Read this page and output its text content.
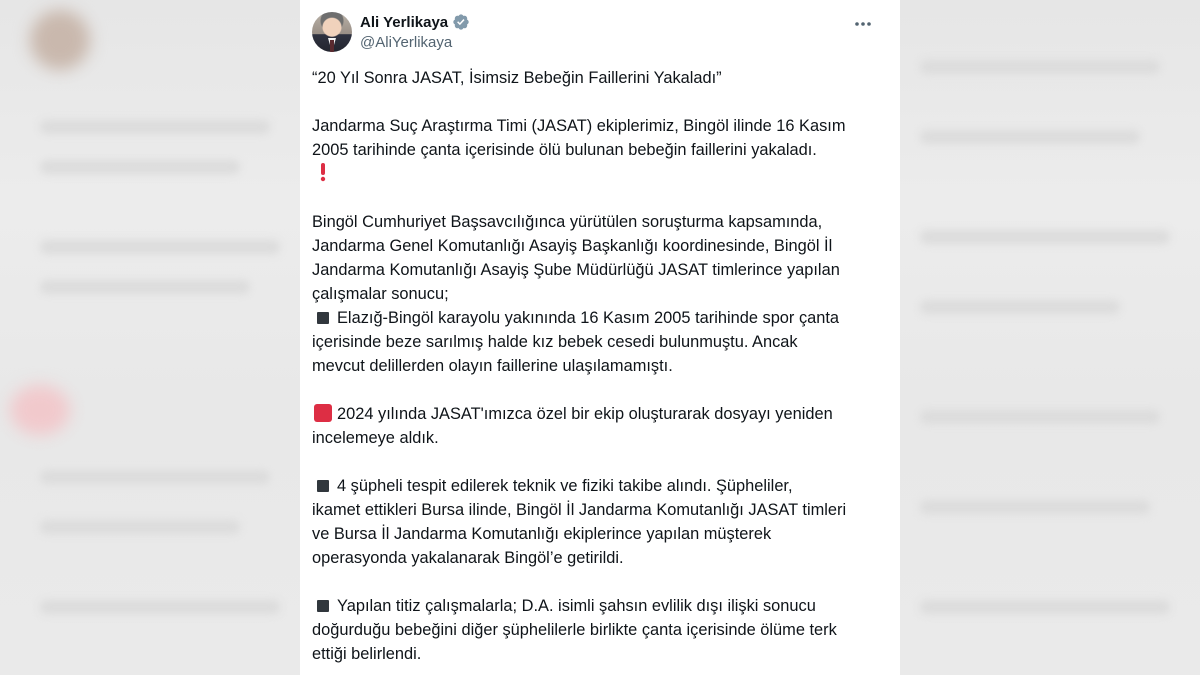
Ali Yerlikaya
@AliYerlikaya

“20 Yıl Sonra JASAT, İsimsiz Bebeğin Faillerini Yakaladı”

Jandarma Suç Araştırma Timi (JASAT) ekiplerimiz, Bingöl ilinde 16 Kasım

2005 tarihinde çanta içerisinde ölü bulunan bebeğin faillerini yakaladı.

Bingöl Cumhuriyet Başsavcılığınca yürütülen soruşturma kapsamında,

Jandarma Genel Komutanlığı Asayiş Başkanlığı koordinesinde, Bingöl İl

Jandarma Komutanlığı Asayiş Şube Müdürlüğü JASAT timlerince yapılan

çalışmalar sonucu;

Elazığ-Bingöl karayolu yakınında 16 Kasım 2005 tarihinde spor çanta

içerisinde beze sarılmış halde kız bebek cesedi bulunmuştu. Ancak

mevcut delillerden olayın faillerine ulaşılamamıştı.

2024 yılında JASAT'ımızca özel bir ekip oluşturarak dosyayı yeniden

incelemeye aldık.

4 şüpheli tespit edilerek teknik ve fiziki takibe alındı. Şüpheliler,

ikamet ettikleri Bursa ilinde, Bingöl İl Jandarma Komutanlığı JASAT timleri

ve Bursa İl Jandarma Komutanlığı ekiplerince yapılan müşterek

operasyonda yakalanarak Bingöl’e getirildi.

Yapılan titiz çalışmalarla; D.A. isimli şahsın evlilik dışı ilişki sonucu

doğurduğu bebeğini diğer şüphelilerle birlikte çanta içerisinde ölüme terk

ettiği belirlendi.
